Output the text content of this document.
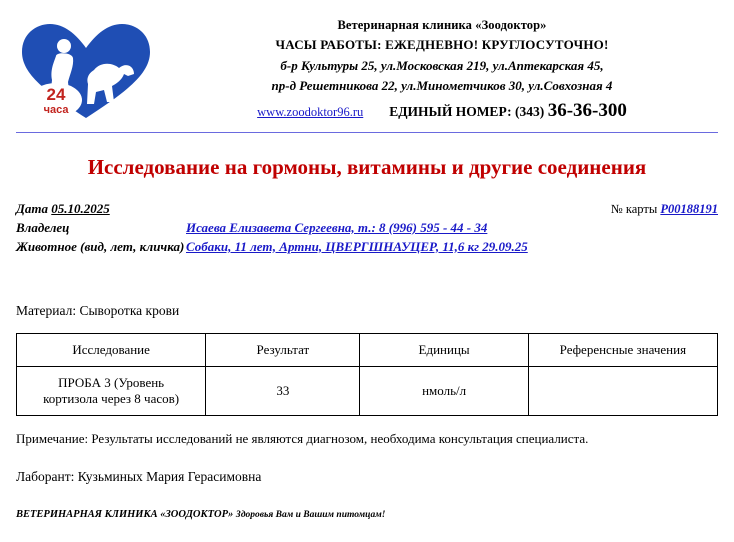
24
часа
Ветеринарная клиника «Зоодоктор»
ЧАСЫ РАБОТЫ: ЕЖЕДНЕВНО! КРУГЛОСУТОЧНО!
б-р Культуры 25, ул.Московская 219, ул.Аптекарская 45,
пр-д Решетникова 22, ул.Минометчиков 30, ул.Совхозная 4
www.zoodoktor96.ru ЕДИНЫЙ НОМЕР: (343) 36-36-300
Исследование на гормоны, витамины и другие соединения
Дата 05.10.2025	№ карты Р00188191
Владелец	Исаева Елизавета Сергеевна, т.: 8 (996) 595 - 44 - 34
Животное (вид, лет, кличка) Собаки, 11 лет, Артни, ЦВЕРГШНАУЦЕР, 11,6 кг 29.09.25
Материал: Сыворотка крови
Исследование	Результат	Единицы	Референсные значения

ПРОБА 3 (Уровень
кортизола через 8 часов)	33	нмоль/л	
Примечание: Результаты исследований не являются диагнозом, необходима консультация специалиста.
Лаборант: Кузьминых Мария Герасимовна
ВЕТЕРИНАРНАЯ КЛИНИКА «ЗООДОКТОР» Здоровья Вам и Вашим питомцам!
